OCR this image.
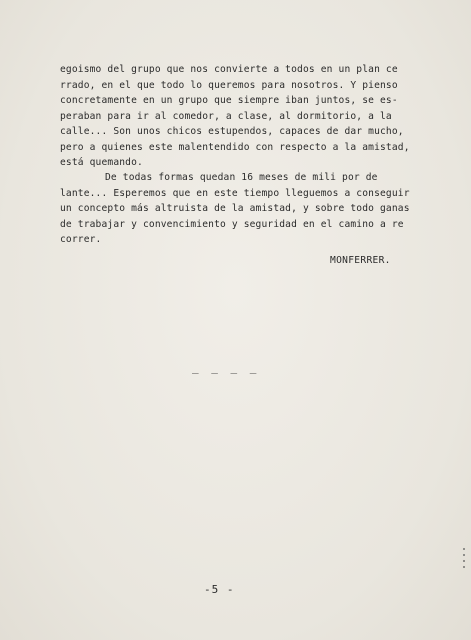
egoismo del grupo que nos convierte a todos en un plan ce
rrado, en el que todo lo queremos para nosotros. Y pienso
concretamente en un grupo que siempre iban juntos, se es-
peraban para ir al comedor, a clase, al dormitorio, a la
calle... Son unos chicos estupendos, capaces de dar mucho,
pero a quienes este malentendido con respecto a la amistad,
está quemando.
De todas formas quedan 16 meses de mili por de
lante... Esperemos que en este tiempo lleguemos a conseguir
un concepto más altruista de la amistad, y sobre todo ganas
de trabajar y convencimiento y seguridad en el camino a re
correr.
MONFERRER.
_ _ _ _
-5 -
